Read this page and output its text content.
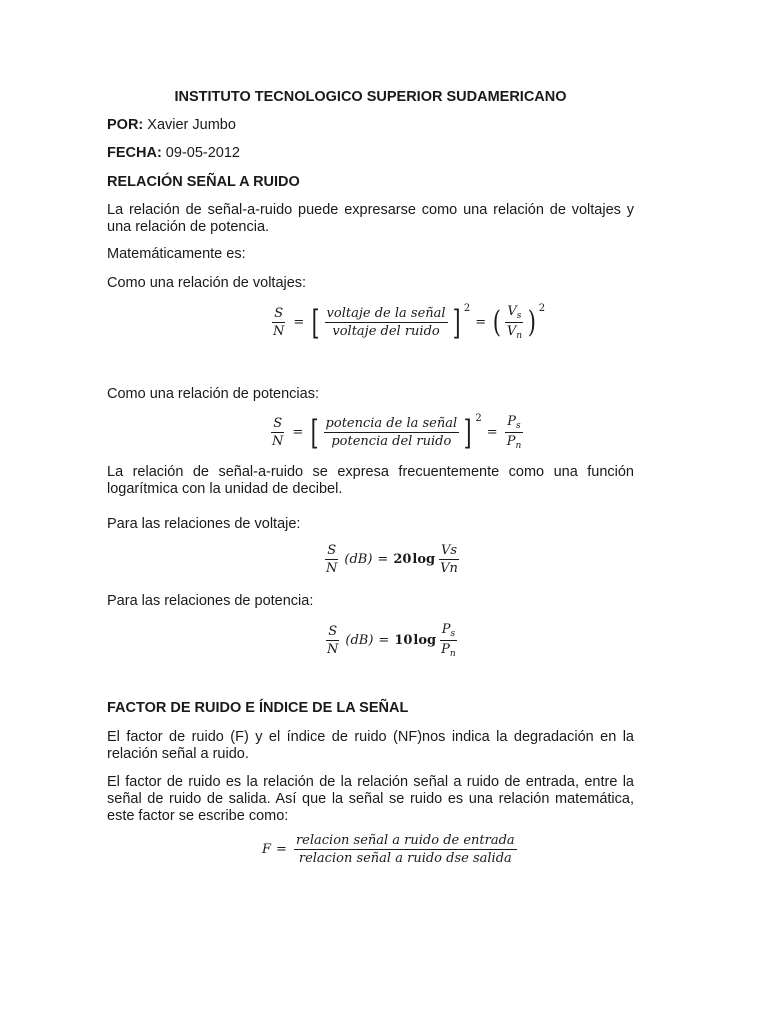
INSTITUTO TECNOLOGICO SUPERIOR SUDAMERICANO
POR: Xavier Jumbo
FECHA: 09-05-2012
RELACIÓN SEÑAL A RUIDO
La relación de señal-a-ruido puede expresarse como una relación de voltajes y una relación de potencia.
Matemáticamente es:
Como una relación de voltajes:
$\frac{S}{N}$ = [ $\frac{\text{voltaje de la señal}}{\text{voltaje del ruido}}$ ] 2
= ( $\frac{V_s}{V_n}$ ) 2
Como una relación de potencias:
$\frac{S}{N}$ = [ $\frac{\text{potencia de la señal}}{\text{potencia del ruido}}$ ] 2
= $\frac{P_s}{P_n}$
La relación de señal-a-ruido se expresa frecuentemente como una función logarítmica con la unidad de decibel.
Para las relaciones de voltaje:
$\frac{S}{N} (dB) = 20$ $\log \frac{Vs}{Vn}$
Para las relaciones de potencia:
$\frac{S}{N} (dB) = 10$ $\log \frac{P_s}{P_n}$
FACTOR DE RUIDO E ÍNDICE DE LA SEÑAL
El factor de ruido (F) y el índice de ruido (NF)nos indica la degradación en la relación señal a ruido.
El factor de ruido es la relación de la relación señal a ruido de entrada, entre la señal de ruido de salida. Así que la señal se ruido es una relación matemática, este factor se escribe como:
$F = \frac{\text{relacion señal a ruido de entrada}}{\text{relacion señal a ruido dse salida}}$
